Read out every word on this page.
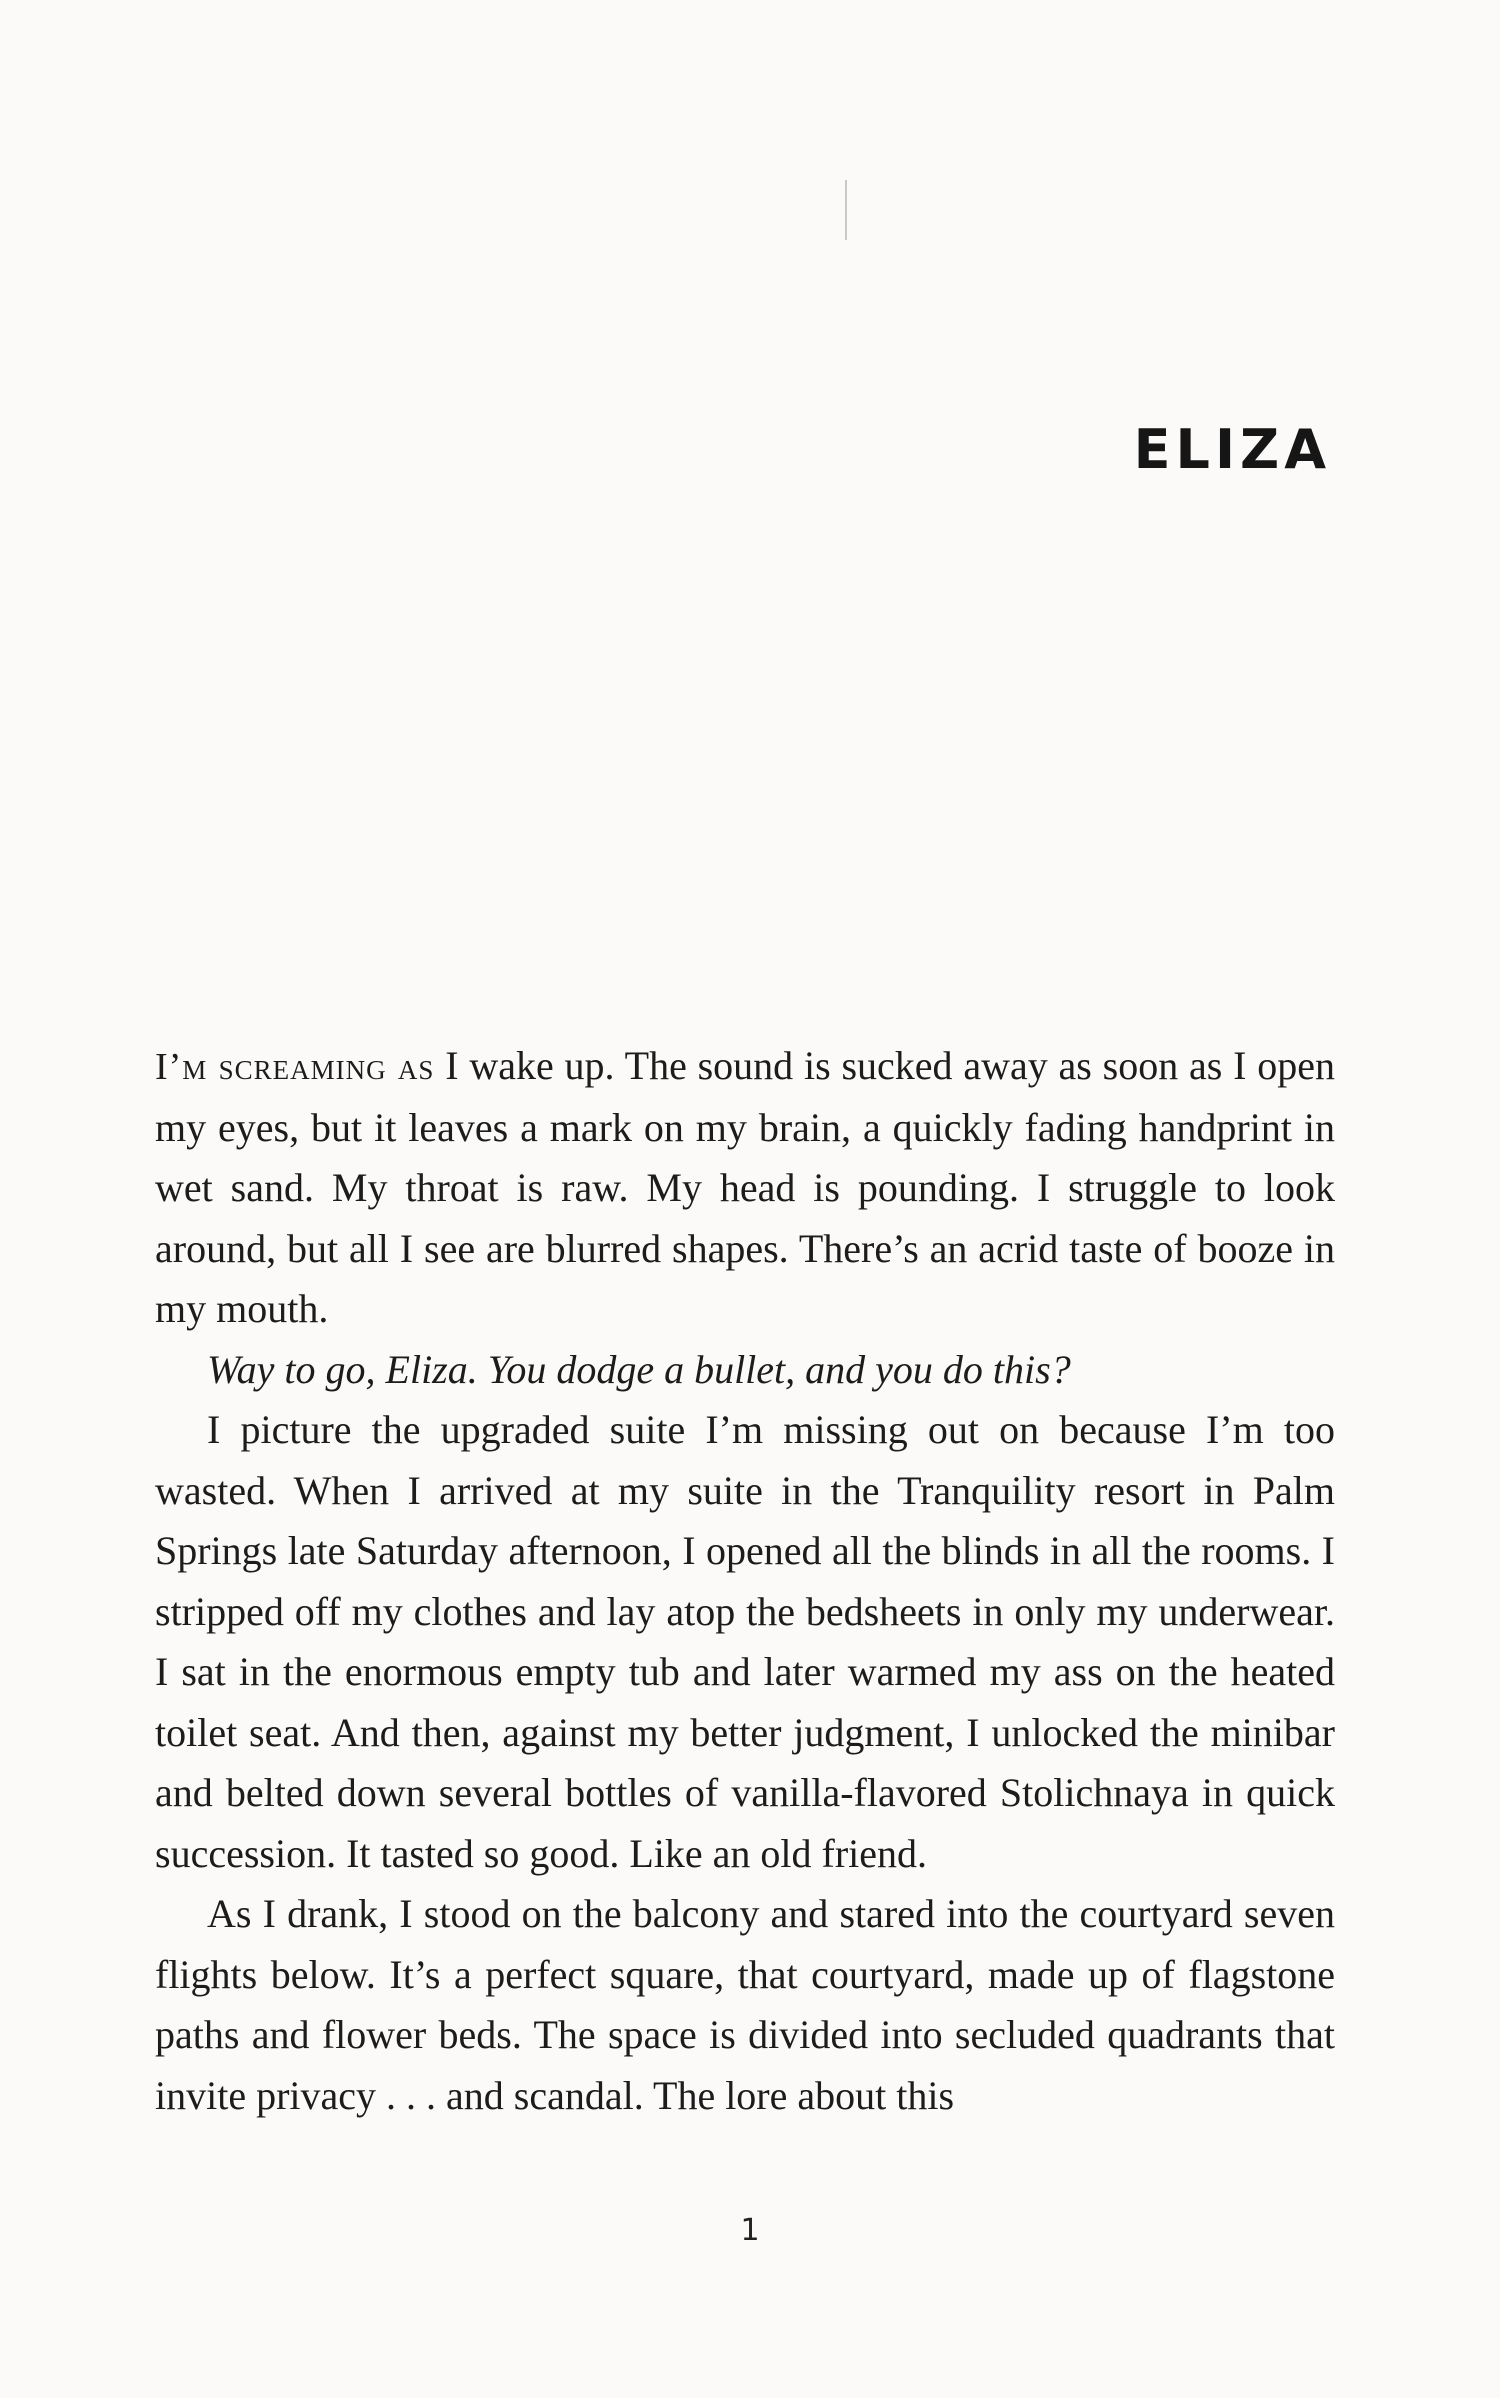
ELIZA

I’m screaming as I wake up. The sound is sucked away as soon as I open my eyes, but it leaves a mark on my brain, a quickly fading handprint in wet sand. My throat is raw. My head is pounding. I struggle to look around, but all I see are blurred shapes. There’s an acrid taste of booze in my mouth.

Way to go, Eliza. You dodge a bullet, and you do this?

I picture the upgraded suite I’m missing out on because I’m too wasted. When I arrived at my suite in the Tranquility resort in Palm Springs late Saturday afternoon, I opened all the blinds in all the rooms. I stripped off my clothes and lay atop the bedsheets in only my underwear. I sat in the enormous empty tub and later warmed my ass on the heated toilet seat. And then, against my better judgment, I unlocked the minibar and belted down several bottles of vanilla-flavored Stolichnaya in quick succession. It tasted so good. Like an old friend.

As I drank, I stood on the balcony and stared into the courtyard seven flights below. It’s a perfect square, that courtyard, made up of flagstone paths and flower beds. The space is divided into secluded quadrants that invite privacy . . . and scandal. The lore about this

1
